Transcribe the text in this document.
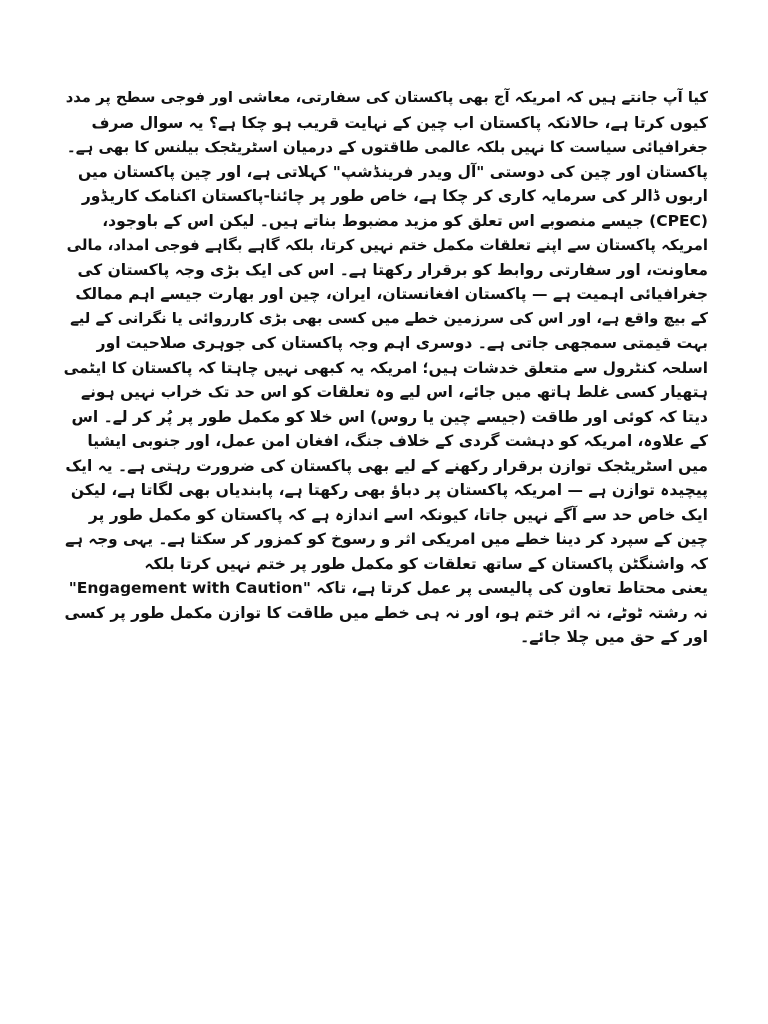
کیا آپ جانتے ہیں کہ امریکہ آج بھی پاکستان کی سفارتی، معاشی اور فوجی سطح پر مدد
کیوں کرتا ہے، حالانکہ پاکستان اب چین کے نہایت قریب ہو چکا ہے؟ یہ سوال صرف
جغرافیائی سیاست کا نہیں بلکہ عالمی طاقتوں کے درمیان اسٹریٹجک بیلنس کا بھی ہے۔
پاکستان اور چین کی دوستی "آل ویدر فرینڈشپ" کہلاتی ہے، اور چین پاکستان میں
اربوں ڈالر کی سرمایہ کاری کر چکا ہے، خاص طور پر چائنا-پاکستان اکنامک کاریڈور
(CPEC) جیسے منصوبے اس تعلق کو مزید مضبوط بناتے ہیں۔ لیکن اس کے باوجود،
امریکہ پاکستان سے اپنے تعلقات مکمل ختم نہیں کرتا، بلکہ گاہے بگاہے فوجی امداد، مالی
معاونت، اور سفارتی روابط کو برقرار رکھتا ہے۔ اس کی ایک بڑی وجہ پاکستان کی
جغرافیائی اہمیت ہے — پاکستان افغانستان، ایران، چین اور بھارت جیسے اہم ممالک
کے بیچ واقع ہے، اور اس کی سرزمین خطے میں کسی بھی بڑی کارروائی یا نگرانی کے لیے
بہت قیمتی سمجھی جاتی ہے۔ دوسری اہم وجہ پاکستان کی جوہری صلاحیت اور
اسلحہ کنٹرول سے متعلق خدشات ہیں؛ امریکہ یہ کبھی نہیں چاہتا کہ پاکستان کا ایٹمی
ہتھیار کسی غلط ہاتھ میں جائے، اس لیے وہ تعلقات کو اس حد تک خراب نہیں ہونے
دیتا کہ کوئی اور طاقت (جیسے چین یا روس) اس خلا کو مکمل طور پر پُر کر لے۔ اس
کے علاوہ، امریکہ کو دہشت گردی کے خلاف جنگ، افغان امن عمل، اور جنوبی ایشیا
میں اسٹریٹجک توازن برقرار رکھنے کے لیے بھی پاکستان کی ضرورت رہتی ہے۔ یہ ایک
پیچیدہ توازن ہے — امریکہ پاکستان پر دباؤ بھی رکھتا ہے، پابندیاں بھی لگاتا ہے، لیکن
ایک خاص حد سے آگے نہیں جاتا، کیونکہ اسے اندازہ ہے کہ پاکستان کو مکمل طور پر
چین کے سپرد کر دینا خطے میں امریکی اثر و رسوخ کو کمزور کر سکتا ہے۔ یہی وجہ ہے
کہ واشنگٹن پاکستان کے ساتھ تعلقات کو مکمل طور پر ختم نہیں کرتا بلکہ
یعنی محتاط تعاون کی پالیسی پر عمل کرتا ہے، تاکہ "Engagement with Caution"
نہ رشتہ ٹوٹے، نہ اثر ختم ہو، اور نہ ہی خطے میں طاقت کا توازن مکمل طور پر کسی
اور کے حق میں چلا جائے۔
